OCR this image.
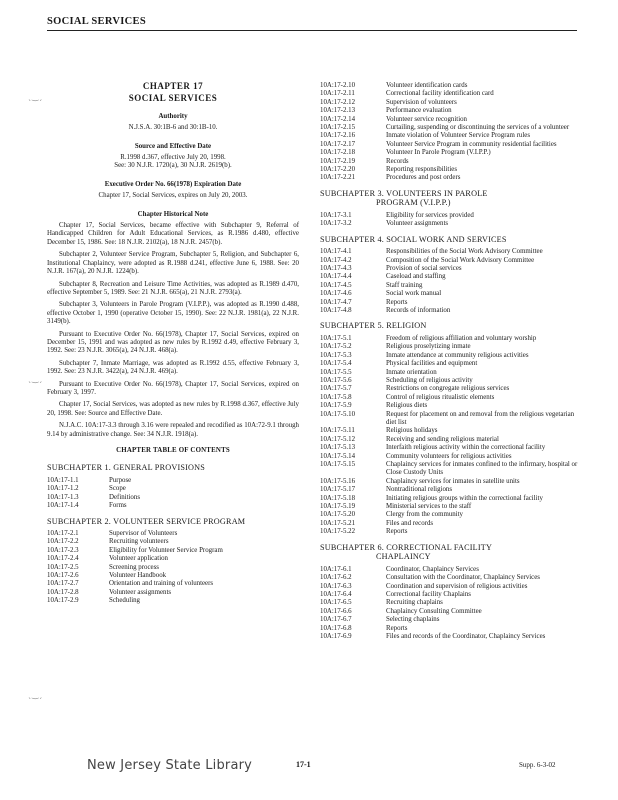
SOCIAL SERVICES
ˎ‿ˏ
ˎ‿ˏ
ˎ‿ˏ
CHAPTER 17
SOCIAL SERVICES
Authority

N.J.S.A. 30:1B-6 and 30:1B-10.

Source and Effective Date

R.1998 d.367, effective July 20, 1998.

See: 30 N.J.R. 1720(a), 30 N.J.R. 2619(b).

Executive Order No. 66(1978) Expiration Date

Chapter 17, Social Services, expires on July 20, 2003.

Chapter Historical Note

Chapter 17, Social Services, became effective with Subchapter 9, Referral of Handicapped Children for Adult Educational Services, as R.1986 d.480, effective December 15, 1986. See: 18 N.J.R. 2102(a), 18 N.J.R. 2457(b).

Subchapter 2, Volunteer Service Program, Subchapter 5, Religion, and Subchapter 6, Institutional Chaplaincy, were adopted as R.1988 d.241, effective June 6, 1988. See: 20 N.J.R. 167(a), 20 N.J.R. 1224(b).

Subchapter 8, Recreation and Leisure Time Activities, was adopted as R.1989 d.470, effective September 5, 1989. See: 21 N.J.R. 665(a), 21 N.J.R. 2793(a).

Subchapter 3, Volunteers in Parole Program (V.I.P.P.), was adopted as R.1990 d.488, effective October 1, 1990 (operative October 15, 1990). See: 22 N.J.R. 1981(a), 22 N.J.R. 3149(b).

Pursuant to Executive Order No. 66(1978), Chapter 17, Social Services, expired on December 15, 1991 and was adopted as new rules by R.1992 d.49, effective February 3, 1992. See: 23 N.J.R. 3065(a), 24 N.J.R. 468(a).

Subchapter 7, Inmate Marriage, was adopted as R.1992 d.55, effective February 3, 1992. See: 23 N.J.R. 3422(a), 24 N.J.R. 469(a).

Pursuant to Executive Order No. 66(1978), Chapter 17, Social Services, expired on February 3, 1997.

Chapter 17, Social Services, was adopted as new rules by R.1998 d.367, effective July 20, 1998. See: Source and Effective Date.

N.J.A.C. 10A:17-3.3 through 3.16 were repealed and recodified as 10A:72-9.1 through 9.14 by administrative change. See: 34 N.J.R. 1918(a).

CHAPTER TABLE OF CONTENTS
SUBCHAPTER 1. GENERAL PROVISIONS
10A:17-1.1	Purpose
10A:17-1.2	Scope
10A:17-1.3	Definitions
10A:17-1.4	Forms
SUBCHAPTER 2. VOLUNTEER SERVICE PROGRAM
10A:17-2.1	Supervisor of Volunteers
10A:17-2.2	Recruiting volunteers
10A:17-2.3	Eligibility for Volunteer Service Program
10A:17-2.4	Volunteer application
10A:17-2.5	Screening process
10A:17-2.6	Volunteer Handbook
10A:17-2.7	Orientation and training of volunteers
10A:17-2.8	Volunteer assignments
10A:17-2.9	Scheduling
10A:17-2.10	Volunteer identification cards
10A:17-2.11	Correctional facility identification card
10A:17-2.12	Supervision of volunteers
10A:17-2.13	Performance evaluation
10A:17-2.14	Volunteer service recognition
10A:17-2.15	Curtailing, suspending or discontinuing the services of a volunteer
10A:17-2.16	Inmate violation of Volunteer Service Program rules
10A:17-2.17	Volunteer Service Program in community residential facilities
10A:17-2.18	Volunteer In Parole Program (V.I.P.P.)
10A:17-2.19	Records
10A:17-2.20	Reporting responsibilities
10A:17-2.21	Procedures and post orders
SUBCHAPTER 3. VOLUNTEERS IN PAROLE
PROGRAM (V.I.P.P.)
10A:17-3.1	Eligibility for services provided
10A:17-3.2	Volunteer assignments
SUBCHAPTER 4. SOCIAL WORK AND SERVICES
10A:17-4.1	Responsibilities of the Social Work Advisory Committee
10A:17-4.2	Composition of the Social Work Advisory Committee
10A:17-4.3	Provision of social services
10A:17-4.4	Caseload and staffing
10A:17-4.5	Staff training
10A:17-4.6	Social work manual
10A:17-4.7	Reports
10A:17-4.8	Records of information
SUBCHAPTER 5. RELIGION
10A:17-5.1	Freedom of religious affiliation and voluntary worship
10A:17-5.2	Religious proselytizing inmate
10A:17-5.3	Inmate attendance at community religious activities
10A:17-5.4	Physical facilities and equipment
10A:17-5.5	Inmate orientation
10A:17-5.6	Scheduling of religious activity
10A:17-5.7	Restrictions on congregate religious services
10A:17-5.8	Control of religious ritualistic elements
10A:17-5.9	Religious diets
10A:17-5.10	Request for placement on and removal from the religious vegetarian diet list
10A:17-5.11	Religious holidays
10A:17-5.12	Receiving and sending religious material
10A:17-5.13	Interfaith religious activity within the correctional facility
10A:17-5.14	Community volunteers for religious activities
10A:17-5.15	Chaplaincy services for inmates confined to the infirmary, hospital or Close Custody Units
10A:17-5.16	Chaplaincy services for inmates in satellite units
10A:17-5.17	Nontraditional religions
10A:17-5.18	Initiating religious groups within the correctional facility
10A:17-5.19	Ministerial services to the staff
10A:17-5.20	Clergy from the community
10A:17-5.21	Files and records
10A:17-5.22	Reports
SUBCHAPTER 6. CORRECTIONAL FACILITY
CHAPLAINCY
10A:17-6.1	Coordinator, Chaplaincy Services
10A:17-6.2	Consultation with the Coordinator, Chaplaincy Services
10A:17-6.3	Coordination and supervision of religious activities
10A:17-6.4	Correctional facility Chaplains
10A:17-6.5	Recruiting chaplains
10A:17-6.6	Chaplaincy Consulting Committee
10A:17-6.7	Selecting chaplains
10A:17-6.8	Reports
10A:17-6.9	Files and records of the Coordinator, Chaplaincy Services
New Jersey State Library	17-1	Supp. 6-3-02
